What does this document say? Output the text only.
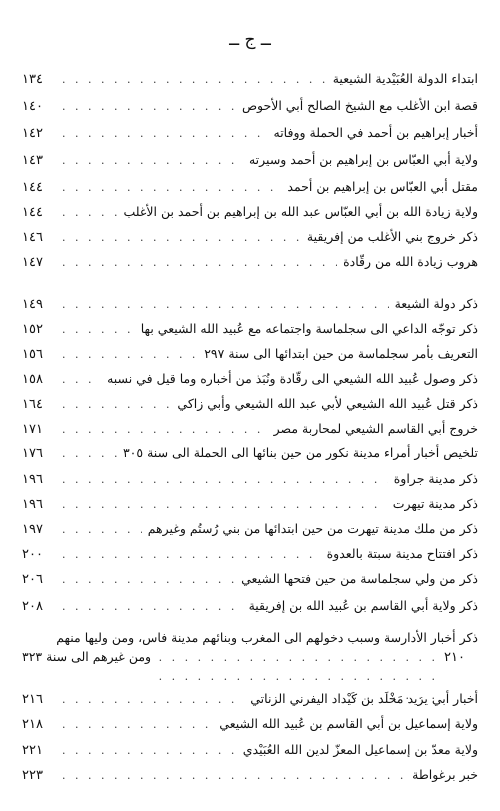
ــ ج ــ
ابتداء الدولة العُبَيْدية الشيعية
. . .
١٣٤
قصة ابن الأغلب مع الشيخ الصالح أبي الأحوص
. . .
١٤٠
أخبار إبراهيم بن أحمد في الحملة ووفاته
. . .
١٤٢
ولاية أبي العبّاس بن إبراهيم بن أحمد وسيرته
. . .
١٤٣
مقتل أبي العبّاس بن إبراهيم بن أحمد
. . .
١٤٤
ولاية زيادة الله بن أبي العبّاس عبد الله بن إبراهيم بن أحمد بن الأغلب
. . .
١٤٤
ذكر خروج بني الأغلب من إفريقية
. . .
١٤٦
هروب زيادة الله من رقّادة
. . .
١٤٧
ذكر دولة الشيعة
. . .
١٤٩
ذكر توجّه الداعي الى سجلماسة واجتماعه مع عُبيد الله الشيعي بها
. . .
١٥٢
التعريف بأمر سجلماسة من حين ابتدائها الى سنة ٢٩٧
. . .
١٥٦
ذكر وصول عُبيد الله الشيعي الى رقّادة ونُبَذ من أخباره وما قيل في نسبه
. . .
١٥٨
ذكر قتل عُبيد الله الشيعي لأبي عبد الله الشيعي وأبي زاكي
. . .
١٦٤
خروج أبي القاسم الشيعي لمحاربة مصر
. . .
١٧١
تلخيص أخبار أمراء مدينة نكور من حين بنائها الى الحملة الى سنة ٣٠٥
. . .
١٧٦
ذكر مدينة جراوة
. . .
١٩٦
ذكر مدينة تيهرت
. . .
١٩٦
ذكر من ملك مدينة تيهرت من حين ابتدائها من بني رُستُم وغيرهم
. . .
١٩٧
ذكر افتتاح مدينة سبتة بالعدوة
. . .
٢٠٠
ذكر من ولي سجلماسة من حين فتحها الشيعي
. . .
٢٠٦
ذكر ولاية أبي القاسم بن عُبيد الله بن إفريقية
. . .
٢٠٨
ذكر أخبار الأدارسة وسبب دخولهم الى المغرب وبنائهم مدينة فاس، ومن وليها منهم
ومن غيرهم الى سنة ٣٢٣
. . .	٢١٠
أخبار أبي يزيد مَخْلَد بن كَيْداد اليفرني الزناتي
. . .
٢١٦
ولاية إسماعيل بن أبي القاسم بن عُبيد الله الشيعي
. . .
٢١٨
ولاية معدّ بن إسماعيل المعزّ لدين الله العُبَيْدي
. . .
٢٢١
خبر برغواطة
. . .
٢٢٣
